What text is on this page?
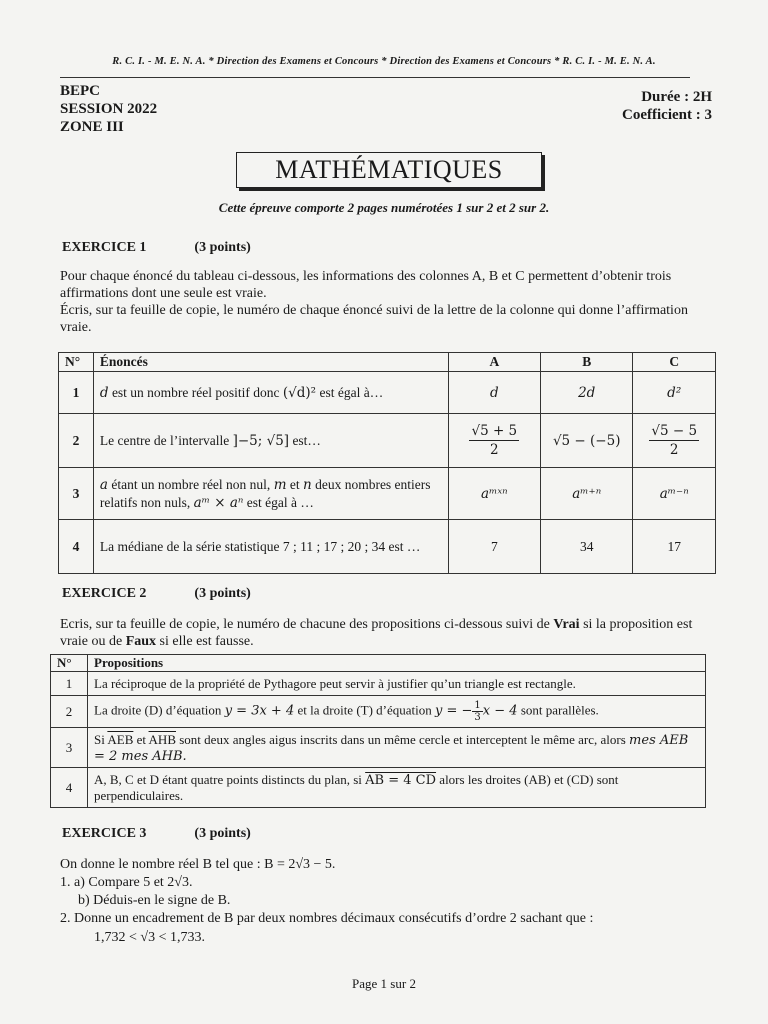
R. C. I. - M. E. N. A. * Direction des Examens et Concours * Direction des Examens et Concours * R. C. I. - M. E. N. A.
BEPC
SESSION 2022
ZONE III
Durée : 2H
Coefficient : 3
MATHÉMATIQUES
Cette épreuve comporte 2 pages numérotées 1 sur 2 et 2 sur 2.
EXERCICE 1	(3 points)
Pour chaque énoncé du tableau ci-dessous, les informations des colonnes A, B et C permettent d’obtenir trois affirmations dont une seule est vraie.
Écris, sur ta feuille de copie, le numéro de chaque énoncé suivi de la lettre de la colonne qui donne l’affirmation vraie.
N°	Énoncés	A	B	C
1	d est un nombre réel positif donc (√d)² est égal à…	d	2d	d²
2	Le centre de l’intervalle ]−5; √5] est…	$\frac{√5 + 5}{2}$	√5 − (−5)	$\frac{√5 - 5}{2}$

3	a étant un nombre réel non nul, m et n deux nombres entiers relatifs non nuls, aᵐ × aⁿ est égal à …	aᵐˣⁿ	aᵐ⁺ⁿ	aᵐ⁻ⁿ
4	La médiane de la série statistique 7 ; 11 ; 17 ; 20 ; 34 est …	7	34	17
EXERCICE 2	(3 points)
Ecris, sur ta feuille de copie, le numéro de chacune des propositions ci-dessous suivi de Vrai si la proposition est vraie ou de Faux si elle est fausse.
N°	Propositions
1	La réciproque de la propriété de Pythagore peut servir à justifier qu’un triangle est rectangle.
2	La droite (D) d’équation y = 3x + 4 et la droite (T) d’équation y = − $\frac{1}{3}$ x − 4 sont parallèles.
3	Si $\overline{AEB}$ et $\overline{AHB}$ sont deux angles aigus inscrits dans un même cercle et interceptent le même arc, alors mes AEB = 2 mes AHB.
4	A, B, C et D étant quatre points distincts du plan, si AB = 4 CD alors les droites (AB) et (CD) sont perpendiculaires.
EXERCICE 3	(3 points)
On donne le nombre réel B tel que : B = 2√3 − 5.
1. a) Compare 5 et 2√3.
b) Déduis-en le signe de B.
2. Donne un encadrement de B par deux nombres décimaux consécutifs d’ordre 2 sachant que :
1,732 < √3 < 1,733.
Page 1 sur 2
